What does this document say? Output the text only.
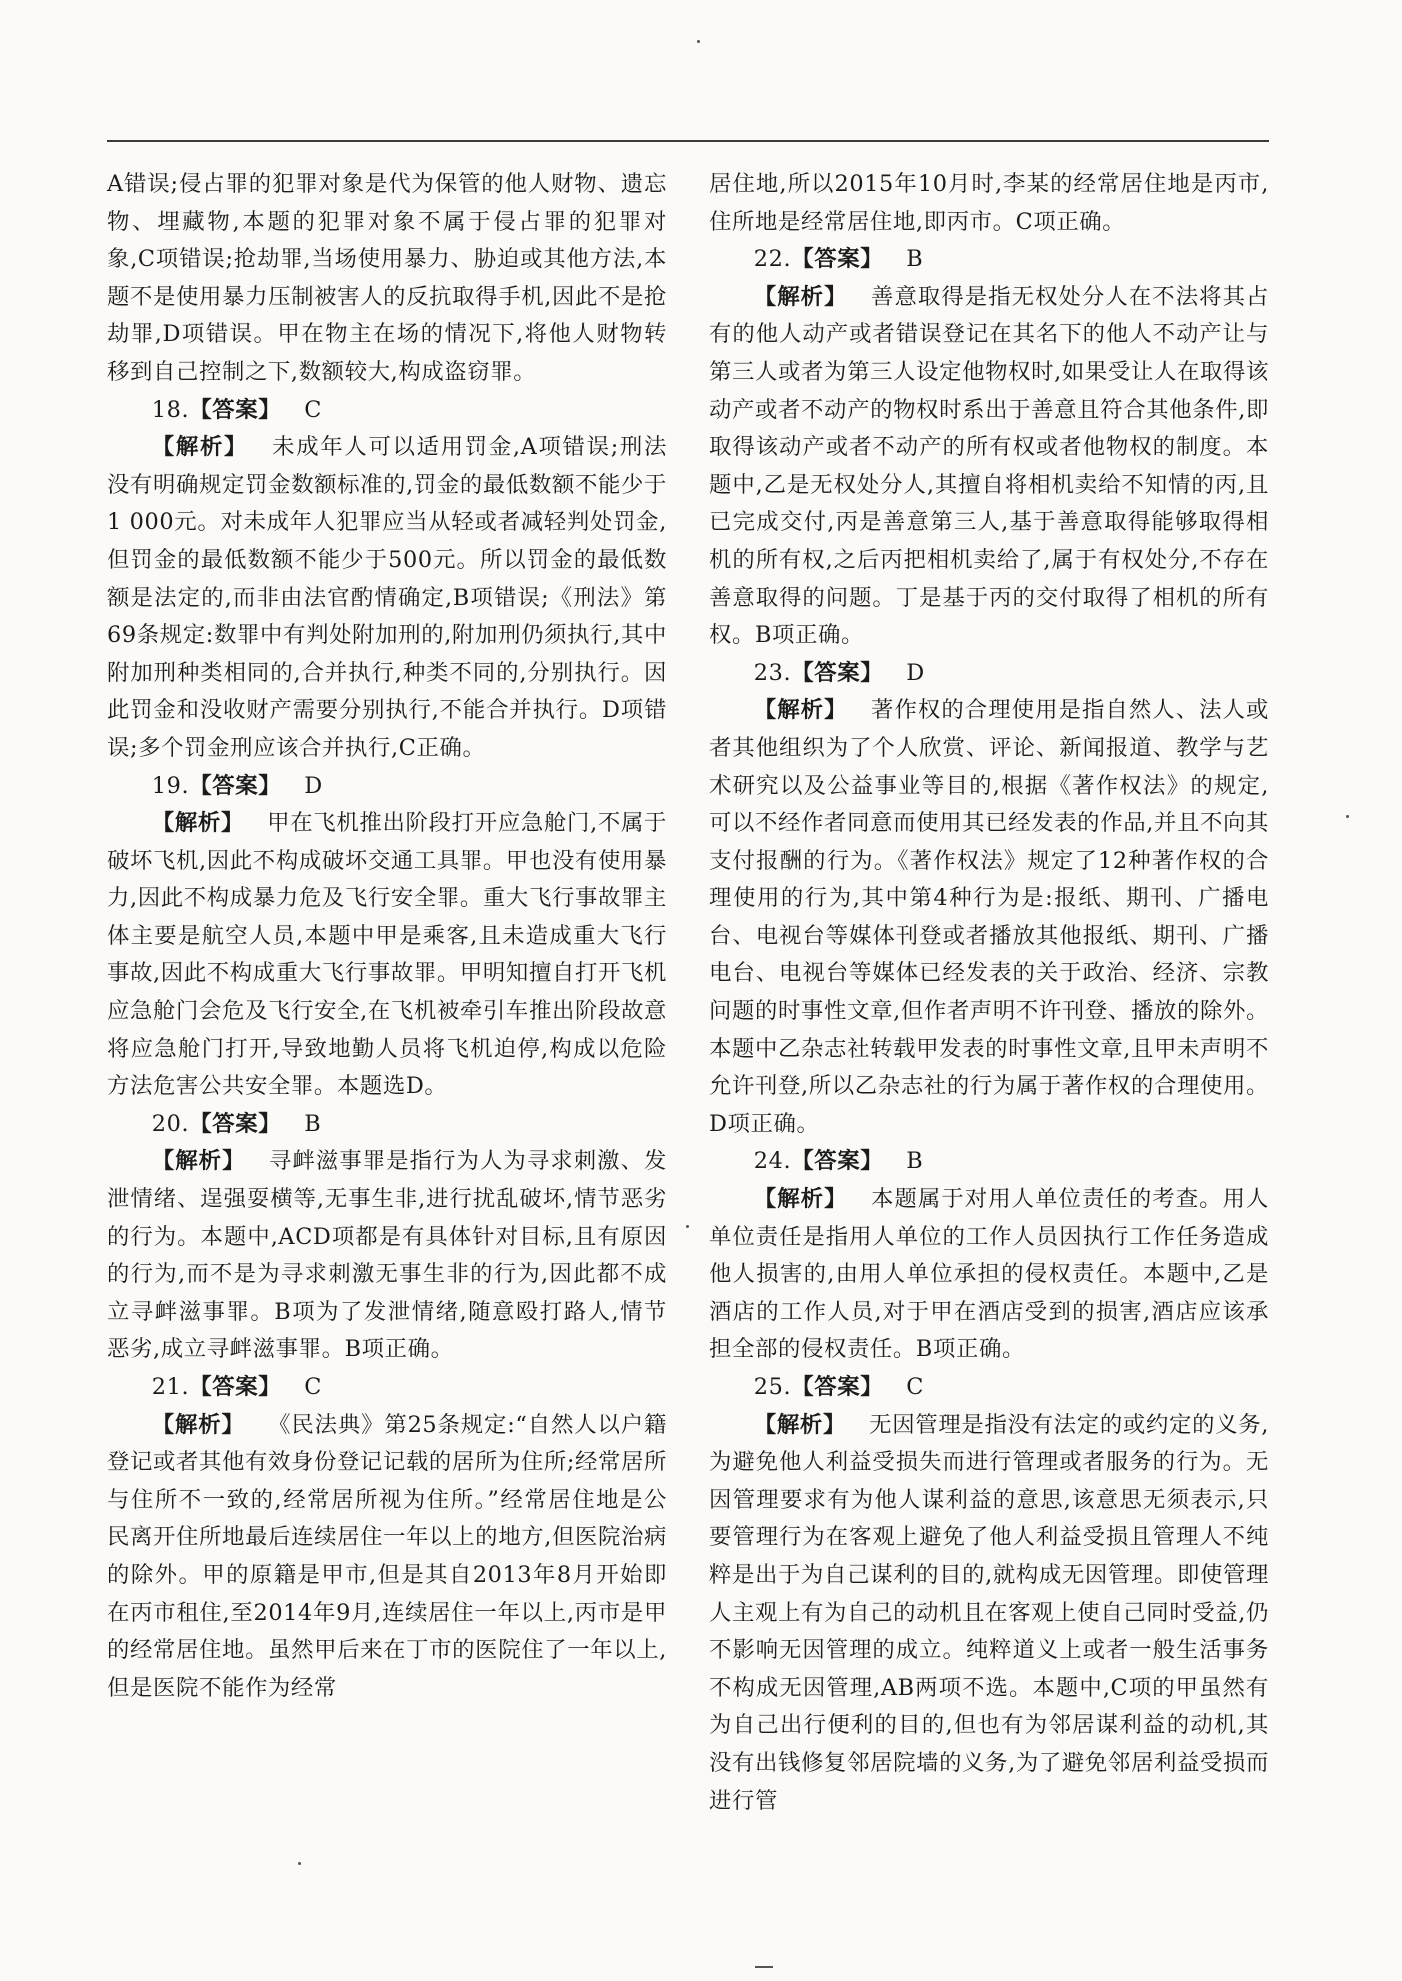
A错误;侵占罪的犯罪对象是代为保管的他人财物、遗忘物、埋藏物,本题的犯罪对象不属于侵占罪的犯罪对象,C项错误;抢劫罪,当场使用暴力、胁迫或其他方法,本题不是使用暴力压制被害人的反抗取得手机,因此不是抢劫罪,D项错误。甲在物主在场的情况下,将他人财物转移到自己控制之下,数额较大,构成盗窃罪。

18.【答案】  C

【解析】  未成年人可以适用罚金,A项错误;刑法没有明确规定罚金数额标准的,罚金的最低数额不能少于1 000元。对未成年人犯罪应当从轻或者减轻判处罚金,但罚金的最低数额不能少于500元。所以罚金的最低数额是法定的,而非由法官酌情确定,B项错误;《刑法》第69条规定:数罪中有判处附加刑的,附加刑仍须执行,其中附加刑种类相同的,合并执行,种类不同的,分别执行。因此罚金和没收财产需要分别执行,不能合并执行。D项错误;多个罚金刑应该合并执行,C正确。

19.【答案】  D

【解析】  甲在飞机推出阶段打开应急舱门,不属于破坏飞机,因此不构成破坏交通工具罪。甲也没有使用暴力,因此不构成暴力危及飞行安全罪。重大飞行事故罪主体主要是航空人员,本题中甲是乘客,且未造成重大飞行事故,因此不构成重大飞行事故罪。甲明知擅自打开飞机应急舱门会危及飞行安全,在飞机被牵引车推出阶段故意将应急舱门打开,导致地勤人员将飞机迫停,构成以危险方法危害公共安全罪。本题选D。

20.【答案】  B

【解析】  寻衅滋事罪是指行为人为寻求刺激、发泄情绪、逞强耍横等,无事生非,进行扰乱破坏,情节恶劣的行为。本题中,ACD项都是有具体针对目标,且有原因的行为,而不是为寻求刺激无事生非的行为,因此都不成立寻衅滋事罪。B项为了发泄情绪,随意殴打路人,情节恶劣,成立寻衅滋事罪。B项正确。

21.【答案】  C

【解析】  《民法典》第25条规定:“自然人以户籍登记或者其他有效身份登记记载的居所为住所;经常居所与住所不一致的,经常居所视为住所。”经常居住地是公民离开住所地最后连续居住一年以上的地方,但医院治病的除外。甲的原籍是甲市,但是其自2013年8月开始即在丙市租住,至2014年9月,连续居住一年以上,丙市是甲的经常居住地。虽然甲后来在丁市的医院住了一年以上,但是医院不能作为经常

居住地,所以2015年10月时,李某的经常居住地是丙市,住所地是经常居住地,即丙市。C项正确。

22.【答案】  B

【解析】  善意取得是指无权处分人在不法将其占有的他人动产或者错误登记在其名下的他人不动产让与第三人或者为第三人设定他物权时,如果受让人在取得该动产或者不动产的物权时系出于善意且符合其他条件,即取得该动产或者不动产的所有权或者他物权的制度。本题中,乙是无权处分人,其擅自将相机卖给不知情的丙,且已完成交付,丙是善意第三人,基于善意取得能够取得相机的所有权,之后丙把相机卖给了,属于有权处分,不存在善意取得的问题。丁是基于丙的交付取得了相机的所有权。B项正确。

23.【答案】  D

【解析】  著作权的合理使用是指自然人、法人或者其他组织为了个人欣赏、评论、新闻报道、教学与艺术研究以及公益事业等目的,根据《著作权法》的规定,可以不经作者同意而使用其已经发表的作品,并且不向其支付报酬的行为。《著作权法》规定了12种著作权的合理使用的行为,其中第4种行为是:报纸、期刊、广播电台、电视台等媒体刊登或者播放其他报纸、期刊、广播电台、电视台等媒体已经发表的关于政治、经济、宗教问题的时事性文章,但作者声明不许刊登、播放的除外。本题中乙杂志社转载甲发表的时事性文章,且甲未声明不允许刊登,所以乙杂志社的行为属于著作权的合理使用。D项正确。

24.【答案】  B

【解析】  本题属于对用人单位责任的考查。用人单位责任是指用人单位的工作人员因执行工作任务造成他人损害的,由用人单位承担的侵权责任。本题中,乙是酒店的工作人员,对于甲在酒店受到的损害,酒店应该承担全部的侵权责任。B项正确。

25.【答案】  C

【解析】  无因管理是指没有法定的或约定的义务,为避免他人利益受损失而进行管理或者服务的行为。无因管理要求有为他人谋利益的意思,该意思无须表示,只要管理行为在客观上避免了他人利益受损且管理人不纯粹是出于为自己谋利的目的,就构成无因管理。即使管理人主观上有为自己的动机且在客观上使自己同时受益,仍不影响无因管理的成立。纯粹道义上或者一般生活事务不构成无因管理,AB两项不选。本题中,C项的甲虽然有为自己出行便利的目的,但也有为邻居谋利益的动机,其没有出钱修复邻居院墙的义务,为了避免邻居利益受损而进行管
